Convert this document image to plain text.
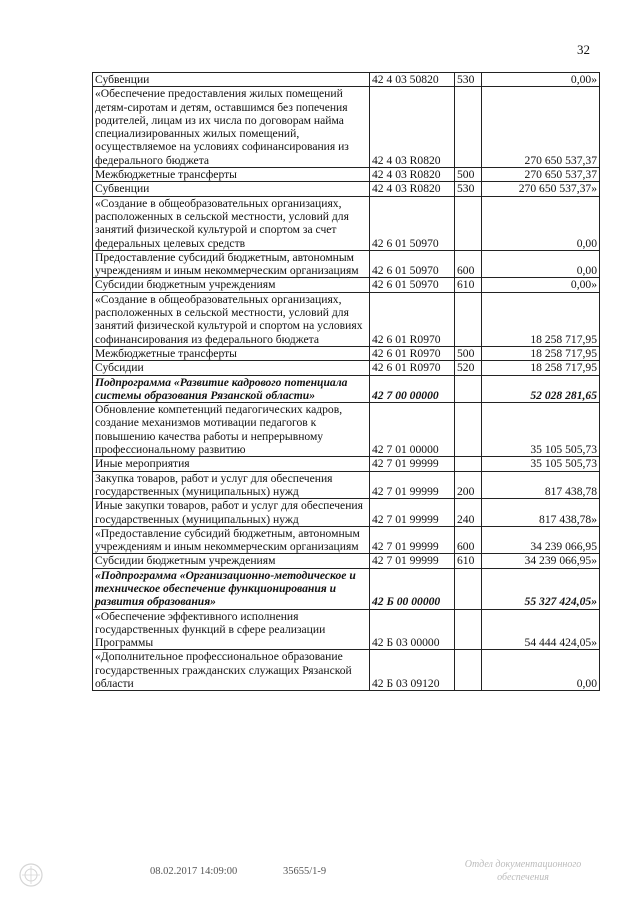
32
Субвенции	42 4 03 50820	530	0,00»
«Обеспечение предоставления жилых помещений детям-сиротам и детям, оставшимся без попечения родителей, лицам из их числа по договорам найма специализированных жилых помещений, осуществляемое на условиях софинансирования из федерального бюджета	42 4 03 R0820		270 650 537,37
Межбюджетные трансферты	42 4 03 R0820	500	270 650 537,37
Субвенции	42 4 03 R0820	530	270 650 537,37»
«Создание в общеобразовательных организациях, расположенных в сельской местности, условий для занятий физической культурой и спортом за счет федеральных целевых средств	42 6 01 50970		0,00
Предоставление субсидий бюджетным, автономным учреждениям и иным некоммерческим организациям	42 6 01 50970	600	0,00
Субсидии бюджетным учреждениям	42 6 01 50970	610	0,00»
«Создание в общеобразовательных организациях, расположенных в сельской местности, условий для занятий физической культурой и спортом на условиях софинансирования из федерального бюджета	42 6 01 R0970		18 258 717,95
Межбюджетные трансферты	42 6 01 R0970	500	18 258 717,95
Субсидии	42 6 01 R0970	520	18 258 717,95
Подпрограмма «Развитие кадрового потенциала системы образования Рязанской области»	42 7 00 00000		52 028 281,65
Обновление компетенций педагогических кадров, создание механизмов мотивации педагогов к повышению качества работы и непрерывному профессиональному развитию	42 7 01 00000		35 105 505,73
Иные мероприятия	42 7 01 99999		35 105 505,73
Закупка товаров, работ и услуг для обеспечения государственных (муниципальных) нужд	42 7 01 99999	200	817 438,78
Иные закупки товаров, работ и услуг для обеспечения государственных (муниципальных) нужд	42 7 01 99999	240	817 438,78»
«Предоставление субсидий бюджетным, автономным учреждениям и иным некоммерческим организациям	42 7 01 99999	600	34 239 066,95
Субсидии бюджетным учреждениям	42 7 01 99999	610	34 239 066,95»
«Подпрограмма «Организационно-методическое и техническое обеспечение функционирования и развития образования»	42 Б 00 00000		55 327 424,05»
«Обеспечение эффективного исполнения государственных функций в сфере реализации Программы	42 Б 03 00000		54 444 424,05»
«Дополнительное профессиональное образование государственных гражданских служащих Рязанской области	42 Б 03 09120		0,00
08.02.2017 14:09:00	35655/1-9
Отдел документационного
обеспечения
